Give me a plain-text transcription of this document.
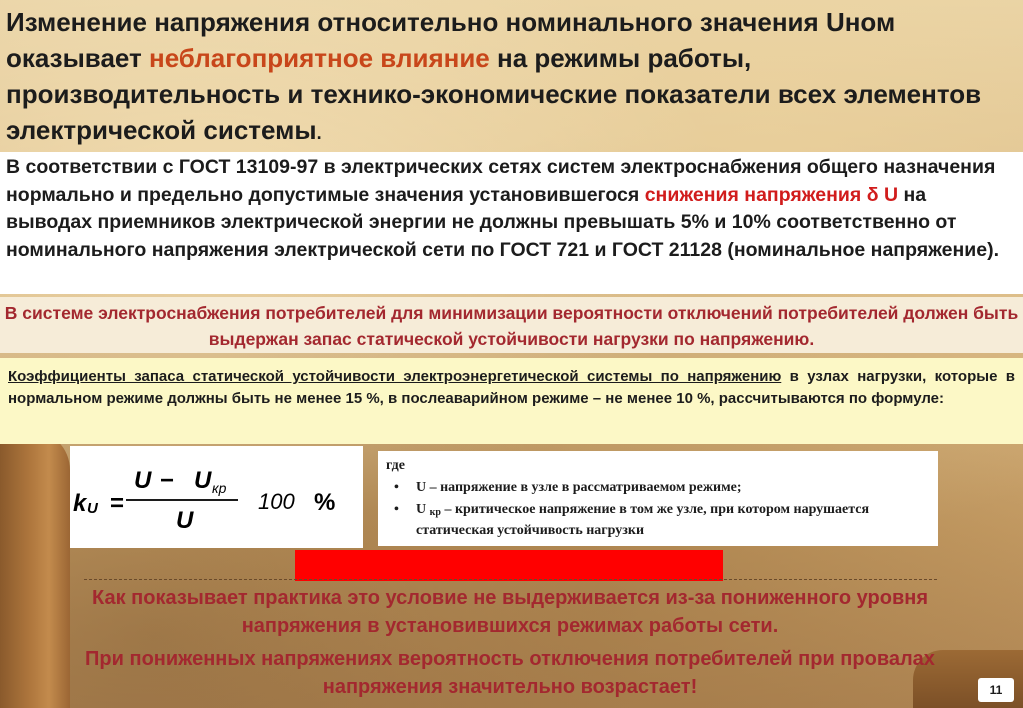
Изменение напряжения относительно номинального значения Uном оказывает неблагоприятное влияние на режимы работы, производительность и технико-экономические показатели всех элементов электрической системы.
В соответствии с ГОСТ 13109-97 в электрических сетях систем электроснабжения общего назначения нормально и предельно допустимые значения установившегося снижения напряжения δ U на выводах приемников электрической энергии не должны превышать 5% и 10% соответственно от номинального напряжения электрической сети по ГОСТ 721 и ГОСТ 21128 (номинальное напряжение).
В системе электроснабжения потребителей для минимизации вероятности отключений потребителей должен быть выдержан запас статической устойчивости нагрузки по напряжению.
Коэффициенты запаса статической устойчивости электроэнергетической системы по напряжению в узлах нагрузки, которые в нормальном режиме должны быть не менее 15 %, в послеаварийном режиме – не менее 10 %, рассчитываются по формуле:
k U =
U − U кр
U
100 %
где
• U – напряжение в узле в рассматриваемом режиме;
• U $_{кр}$ – критическое напряжение в том же узле, при котором нарушается статическая устойчивость нагрузки
Как показывает практика это условие не выдерживается из-за пониженного уровня напряжения в установившихся режимах работы сети.
При пониженных напряжениях вероятность отключения потребителей при провалах напряжения значительно возрастает!	11
